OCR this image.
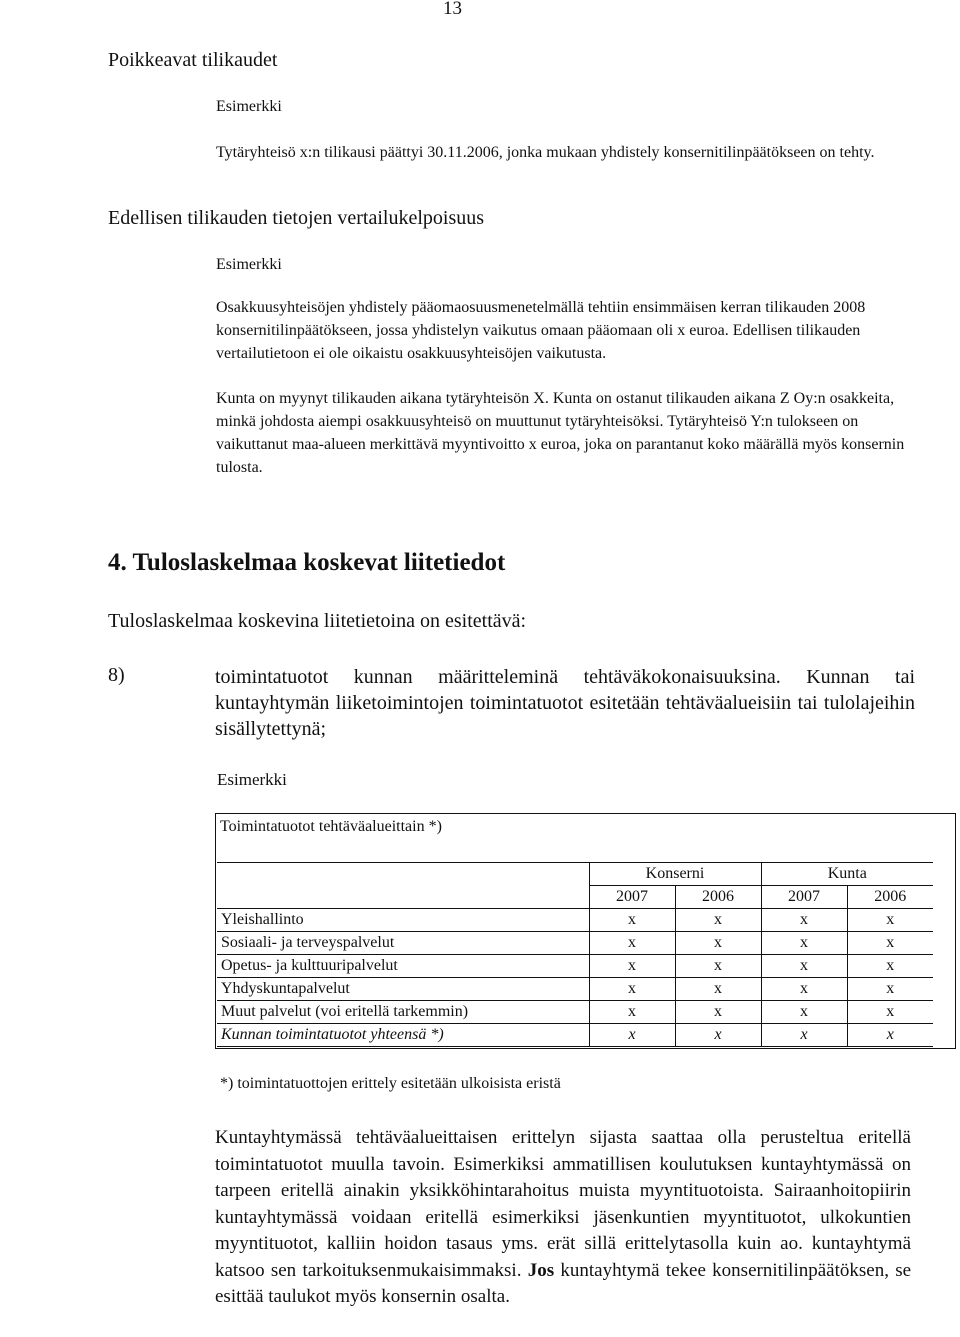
13
Poikkeavat tilikaudet
Esimerkki
Tytäryhteisö x:n tilikausi päättyi 30.11.2006, jonka mukaan yhdistely konsernitilinpäätökseen on tehty.
Edellisen tilikauden tietojen vertailukelpoisuus
Esimerkki
Osakkuusyhteisöjen yhdistely pääomaosuusmenetelmällä tehtiin ensimmäisen kerran tilikauden 2008 konsernitilinpäätökseen, jossa yhdistelyn vaikutus omaan pääomaan oli x euroa. Edellisen tilikauden vertailutietoon ei ole oikaistu osakkuusyhteisöjen vaikutusta.
Kunta on myynyt tilikauden aikana tytäryhteisön X. Kunta on ostanut tilikauden aikana Z Oy:n osakkeita, minkä johdosta aiempi osakkuusyhteisö on muuttunut tytäryhteisöksi. Tytäryhteisö Y:n tulokseen on vaikuttanut maa-alueen merkittävä myyntivoitto x euroa, joka on parantanut koko määrällä myös konsernin tulosta.
4. Tuloslaskelmaa koskevat liitetiedot
Tuloslaskelmaa koskevina liitetietoina on esitettävä:
8)	toimintatuotot kunnan määritteleminä tehtäväkokonaisuuksina. Kunnan tai kuntayhtymän liiketoimintojen toimintatuotot esitetään tehtäväalueisiin tai tulolajeihin sisällytettynä;
Esimerkki
Toimintatuotot tehtäväalueittain *)
	Konserni		Kunta	
	2007	2006	2007	2006
Yleishallinto	x	x	x	x
Sosiaali- ja terveyspalvelut	x	x	x	x
Opetus- ja kulttuuripalvelut	x	x	x	x
Yhdyskuntapalvelut	x	x	x	x
Muut palvelut (voi eritellä tarkemmin)	x	x	x	x
Kunnan toimintatuotot yhteensä *)	x	x	x	x
*) toimintatuottojen erittely esitetään ulkoisista eristä
Kuntayhtymässä tehtäväalueittaisen erittelyn sijasta saattaa olla perusteltua eritellä toimintatuotot muulla tavoin. Esimerkiksi ammatillisen koulutuksen kuntayhtymässä on tarpeen eritellä ainakin yksikköhintarahoitus muista myyntituotoista. Sairaanhoitopiirin kuntayhtymässä voidaan eritellä esimerkiksi jäsenkuntien myyntituotot, ulkokuntien myyntituotot, kalliin hoidon tasaus yms. erät sillä erittelytasolla kuin ao. kuntayhtymä katsoo sen tarkoituksenmukaisimmaksi. Jos kuntayhtymä tekee konsernitilinpäätöksen, se esittää taulukot myös konsernin osalta.
